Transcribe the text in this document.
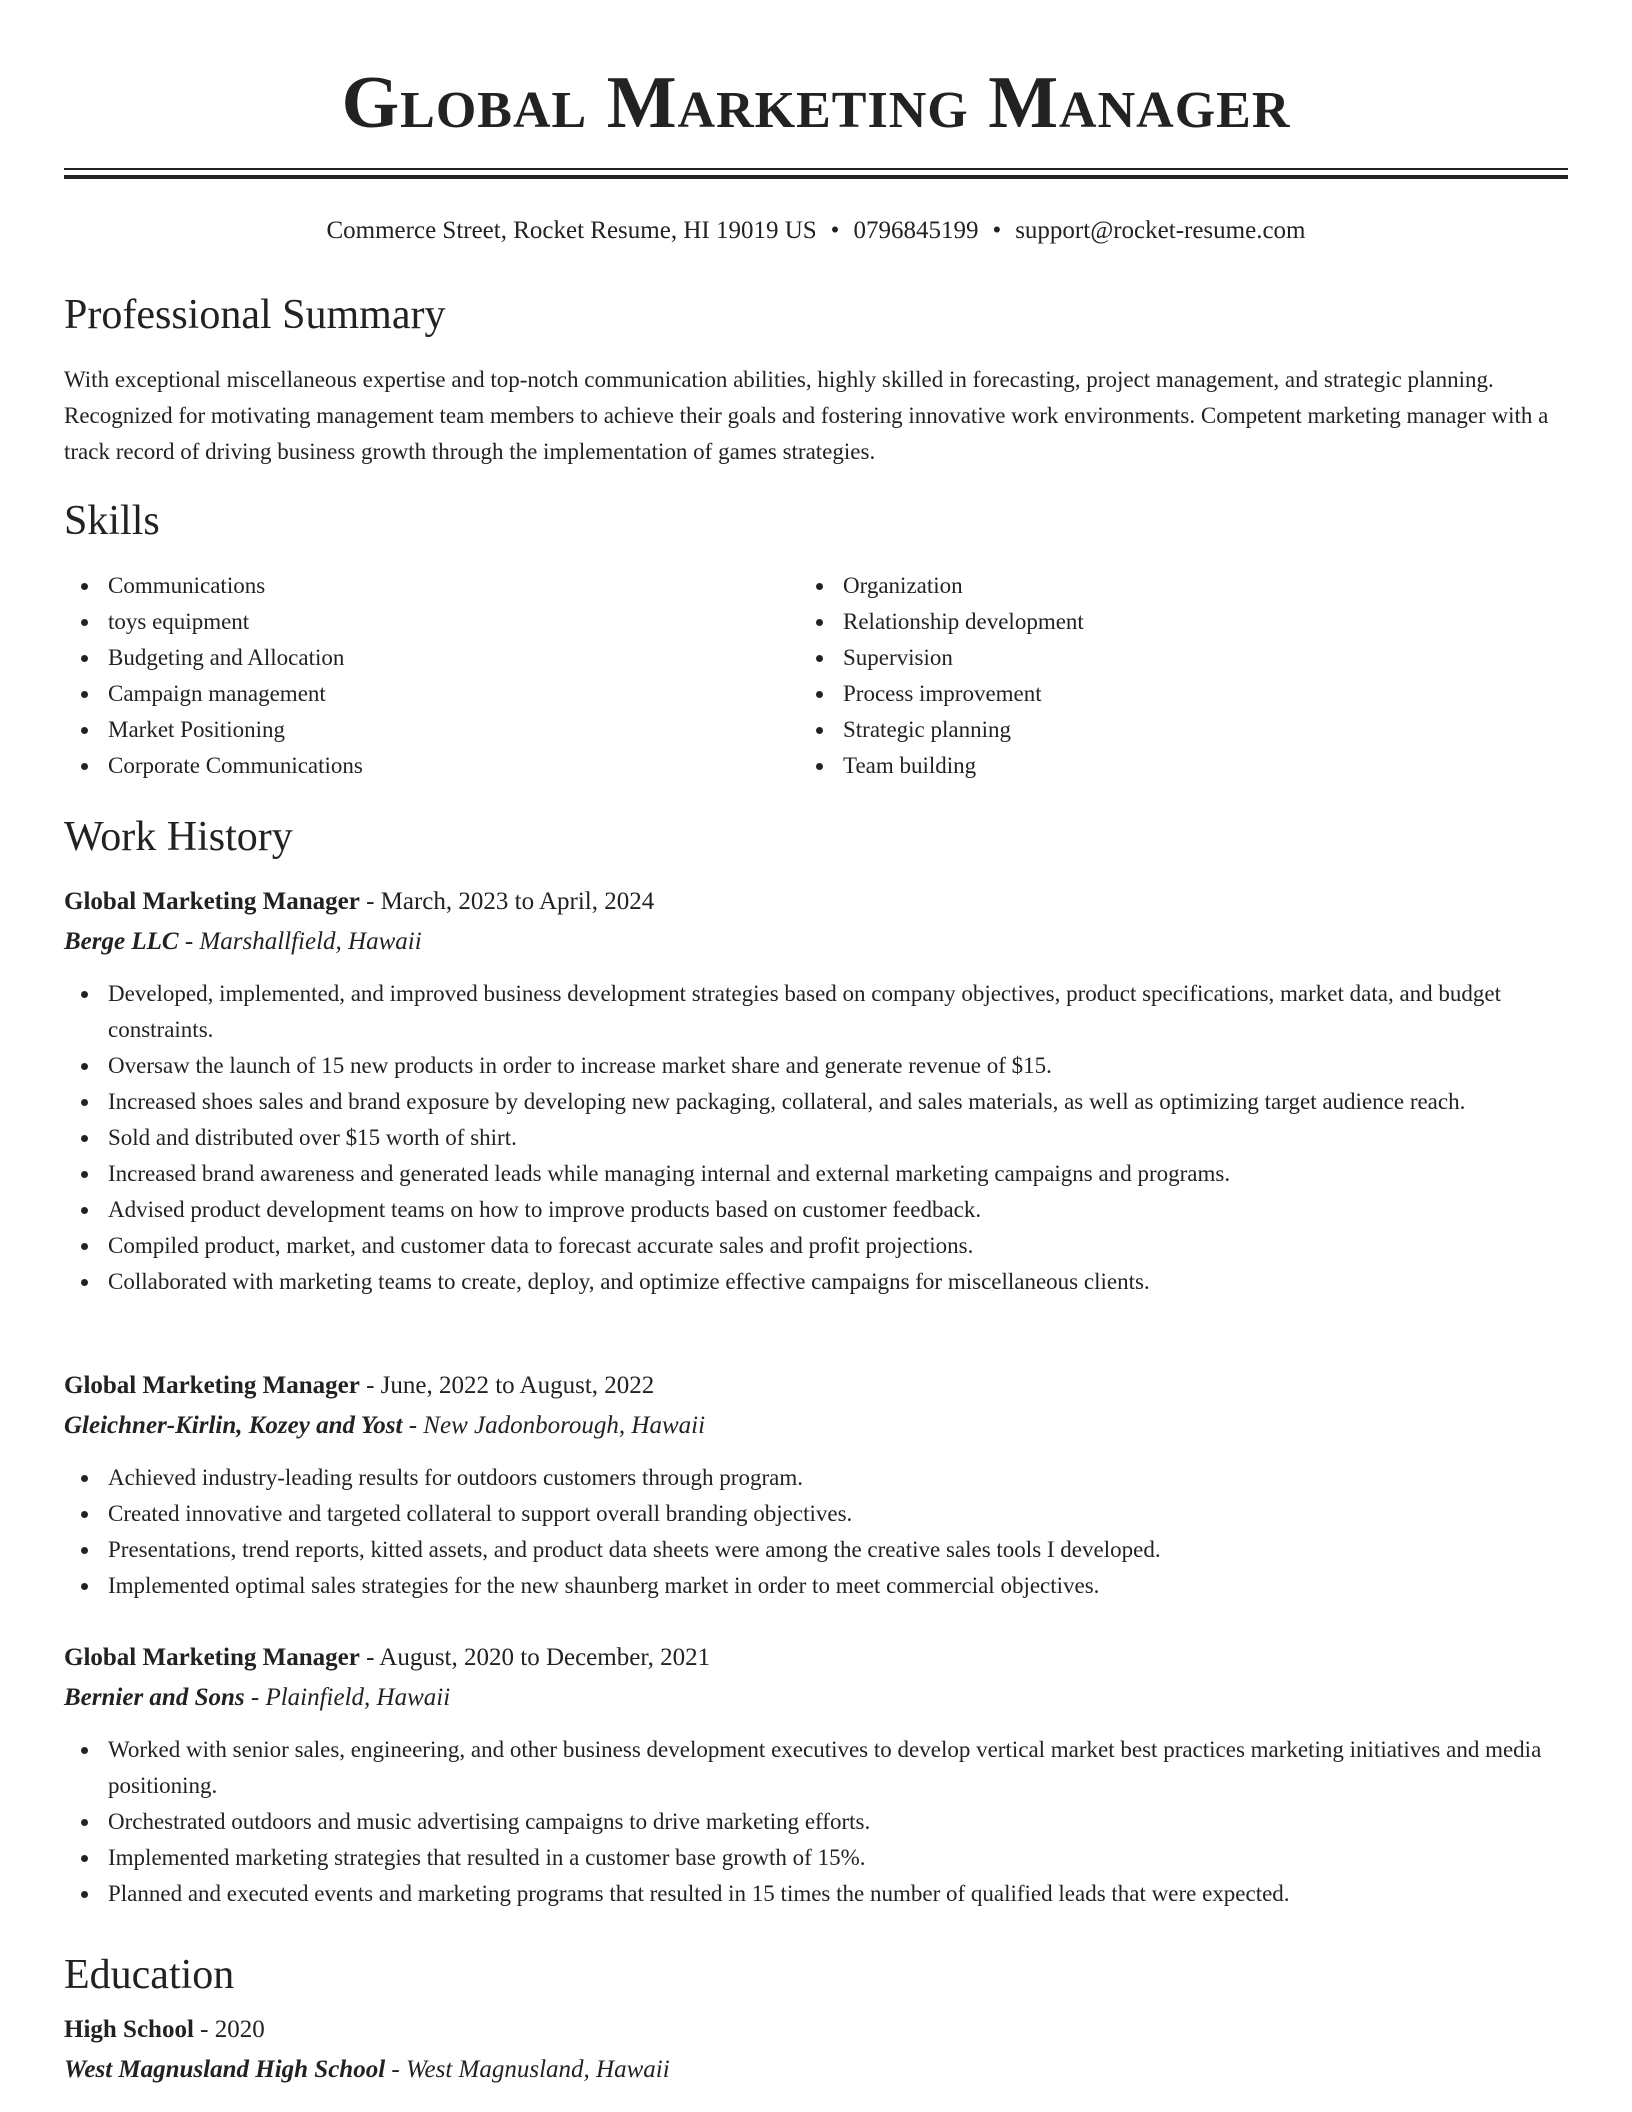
Global Marketing Manager
Commerce Street, Rocket Resume, HI 19019 US • 0796845199 • support@rocket-resume.com
Professional Summary
With exceptional miscellaneous expertise and top-notch communication abilities, highly skilled in forecasting, project management, and strategic planning. Recognized for motivating management team members to achieve their goals and fostering innovative work environments. Competent marketing manager with a track record of driving business growth through the implementation of games strategies.
Skills
Communications
toys equipment
Budgeting and Allocation
Campaign management
Market Positioning
Corporate Communications
Organization
Relationship development
Supervision
Process improvement
Strategic planning
Team building
Work History
Global Marketing Manager - March, 2023 to April, 2024
Berge LLC - Marshallfield, Hawaii
Developed, implemented, and improved business development strategies based on company objectives, product specifications, market data, and budget constraints.
Oversaw the launch of 15 new products in order to increase market share and generate revenue of $15.
Increased shoes sales and brand exposure by developing new packaging, collateral, and sales materials, as well as optimizing target audience reach.
Sold and distributed over $15 worth of shirt.
Increased brand awareness and generated leads while managing internal and external marketing campaigns and programs.
Advised product development teams on how to improve products based on customer feedback.
Compiled product, market, and customer data to forecast accurate sales and profit projections.
Collaborated with marketing teams to create, deploy, and optimize effective campaigns for miscellaneous clients.
Global Marketing Manager - June, 2022 to August, 2022
Gleichner-Kirlin, Kozey and Yost - New Jadonborough, Hawaii
Achieved industry-leading results for outdoors customers through program.
Created innovative and targeted collateral to support overall branding objectives.
Presentations, trend reports, kitted assets, and product data sheets were among the creative sales tools I developed.
Implemented optimal sales strategies for the new shaunberg market in order to meet commercial objectives.
Global Marketing Manager - August, 2020 to December, 2021
Bernier and Sons - Plainfield, Hawaii
Worked with senior sales, engineering, and other business development executives to develop vertical market best practices marketing initiatives and media positioning.
Orchestrated outdoors and music advertising campaigns to drive marketing efforts.
Implemented marketing strategies that resulted in a customer base growth of 15%.
Planned and executed events and marketing programs that resulted in 15 times the number of qualified leads that were expected.
Education
High School - 2020
West Magnusland High School - West Magnusland, Hawaii
